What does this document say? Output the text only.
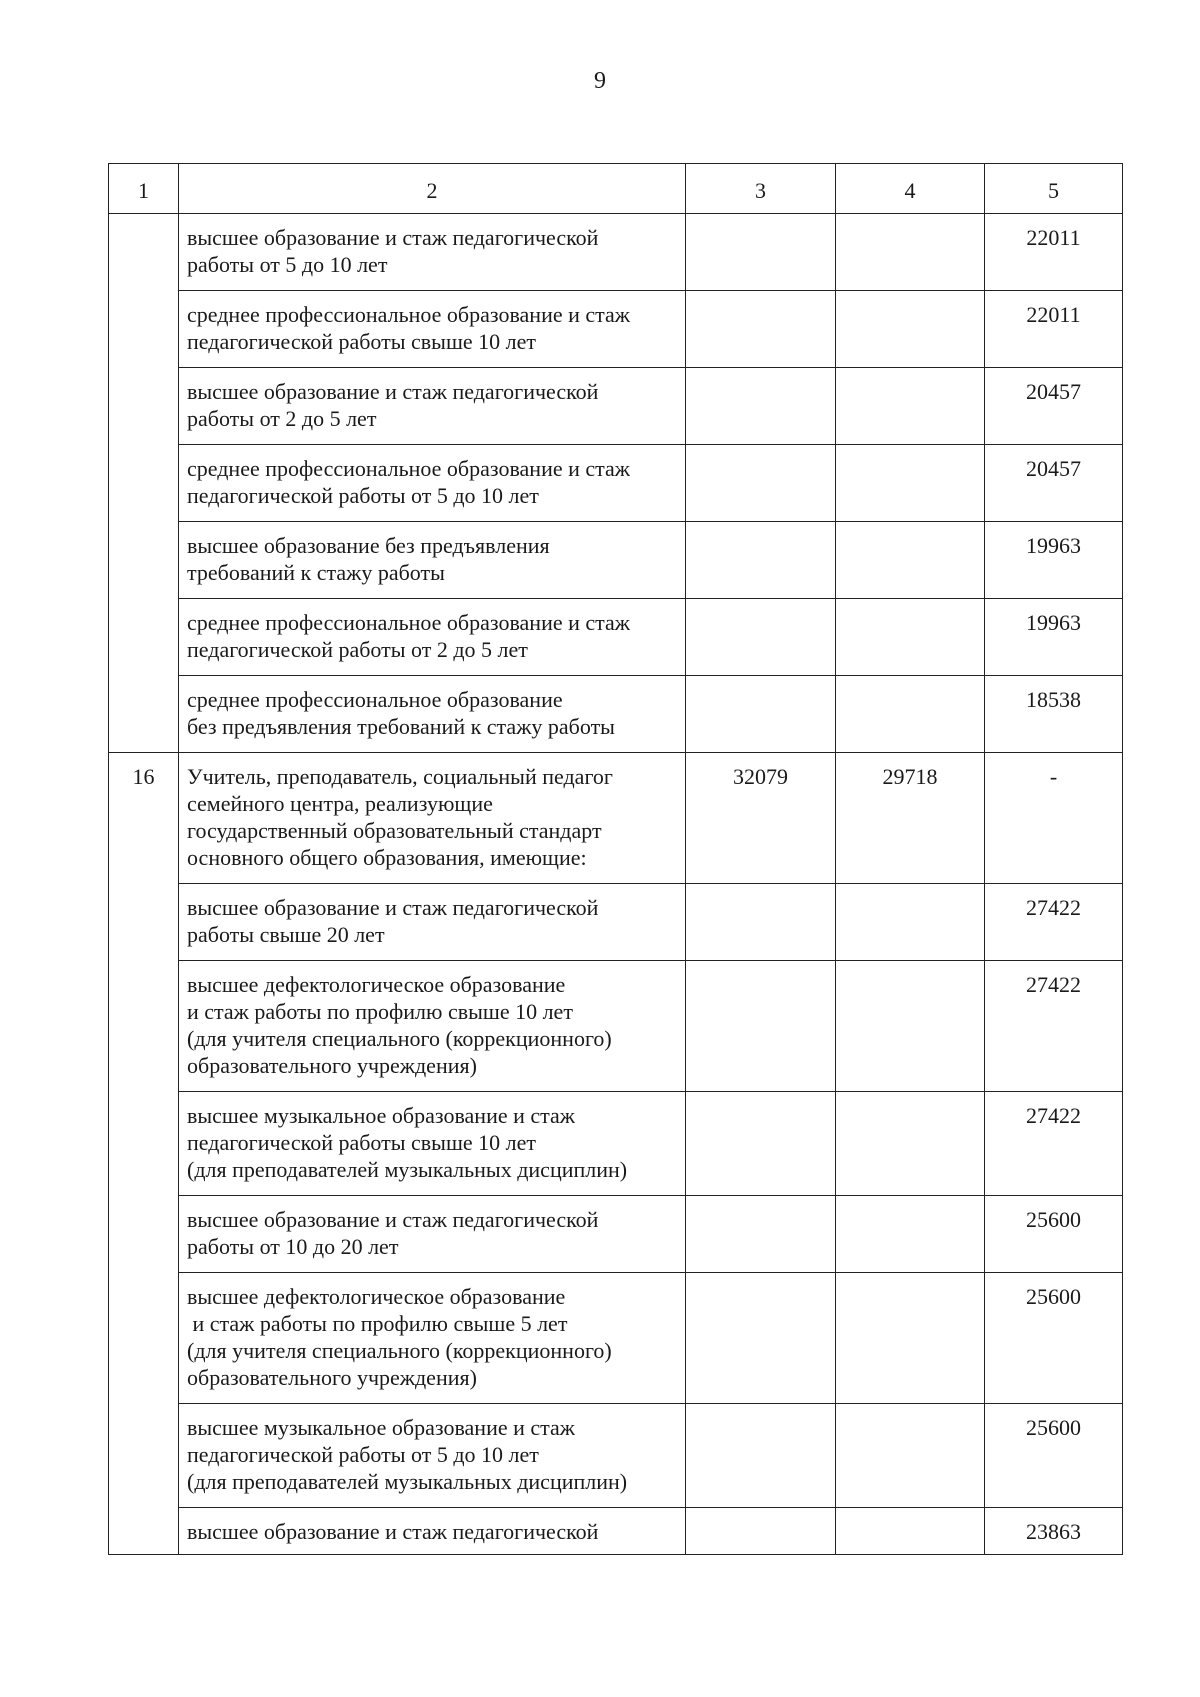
9
1	2	3	4	5

	высшее образование и стаж педагогической
работы от 5 до 10 лет			22011

	среднее профессиональное образование и стаж
педагогической работы свыше 10 лет			22011

	высшее образование и стаж педагогической
работы от 2 до 5 лет			20457

	среднее профессиональное образование и стаж
педагогической работы от 5 до 10 лет			20457

	высшее образование без предъявления
требований к стажу работы			19963

	среднее профессиональное образование и стаж
педагогической работы от 2 до 5 лет			19963

	среднее профессиональное образование
без предъявления требований к стажу работы			18538
16	Учитель, преподаватель, социальный педагог
семейного центра, реализующие
государственный образовательный стандарт
основного общего образования, имеющие:	32079	29718	-

	высшее образование и стаж педагогической
работы свыше 20 лет			27422

	высшее дефектологическое образование
и стаж работы по профилю свыше 10 лет
(для учителя специального (коррекционного)
образовательного учреждения)			27422

	высшее музыкальное образование и стаж
педагогической работы свыше 10 лет
(для преподавателей музыкальных дисциплин)			27422

	высшее образование и стаж педагогической
работы от 10 до 20 лет			25600

	высшее дефектологическое образование
и стаж работы по профилю свыше 5 лет
(для учителя специального (коррекционного)
образовательного учреждения)			25600

	высшее музыкальное образование и стаж
педагогической работы от 5 до 10 лет
(для преподавателей музыкальных дисциплин)			25600

	высшее образование и стаж педагогической			23863
